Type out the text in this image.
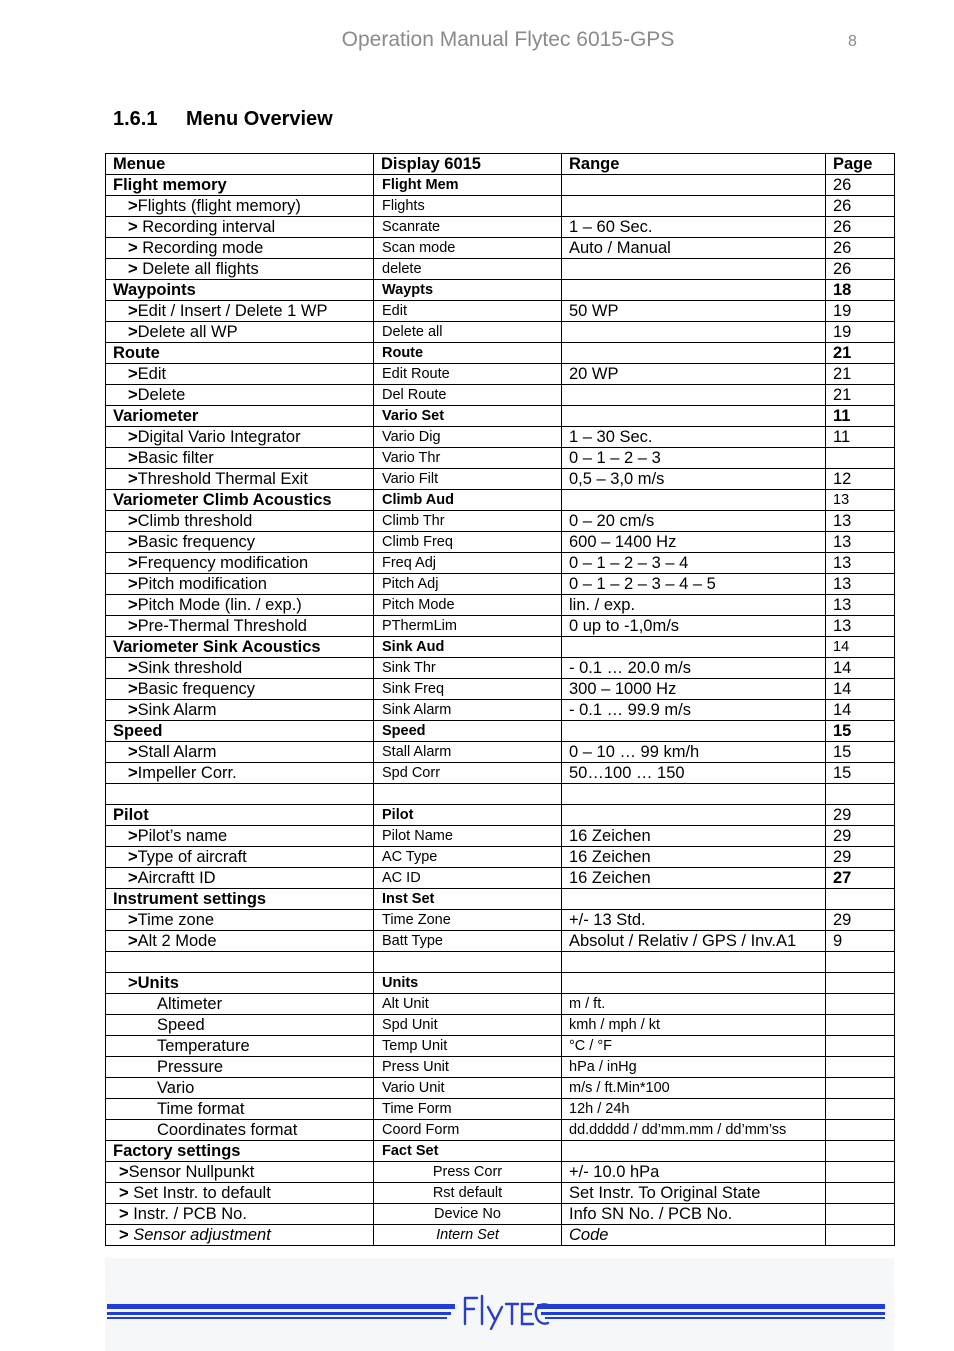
Operation Manual Flytec 6015-GPS	8
1.6.1 Menu Overview
Menue	Display 6015	Range	Page
Flight memory	Flight Mem		26
>Flights (flight memory)	Flights		26
> Recording interval	Scanrate	1 – 60 Sec.	26
> Recording mode	Scan mode	Auto / Manual	26
> Delete all flights	delete		26
Waypoints	Waypts		18
>Edit / Insert / Delete 1 WP	Edit	50 WP	19
>Delete all WP	Delete all		19
Route	Route		21
>Edit	Edit Route	20 WP	21
>Delete	Del Route		21
Variometer	Vario Set		11
>Digital Vario Integrator	Vario Dig	1 – 30 Sec.	11
>Basic filter	Vario Thr	0 – 1 – 2 – 3	
>Threshold Thermal Exit	Vario Filt	0,5 – 3,0 m/s	12
Variometer Climb Acoustics	Climb Aud		13
>Climb threshold	Climb Thr	0 – 20 cm/s	13
>Basic frequency	Climb Freq	600 – 1400 Hz	13
>Frequency modification	Freq Adj	0 – 1 – 2 – 3 – 4	13
>Pitch modification	Pitch Adj	0 – 1 – 2 – 3 – 4 – 5	13
>Pitch Mode (lin. / exp.)	Pitch Mode	lin. / exp.	13
>Pre-Thermal Threshold	PThermLim	0 up to -1,0m/s	13
Variometer Sink Acoustics	Sink Aud		14
>Sink threshold	Sink Thr	- 0.1 … 20.0 m/s	14
>Basic frequency	Sink Freq	300 – 1000 Hz	14
>Sink Alarm	Sink Alarm	- 0.1 … 99.9 m/s	14
Speed	Speed		15
>Stall Alarm	Stall Alarm	0 – 10 … 99 km/h	15
>Impeller Corr.	Spd Corr	50…100 … 150	15

Pilot	Pilot		29
>Pilot’s name	Pilot Name	16 Zeichen	29
>Type of aircraft	AC Type	16 Zeichen	29
>Aircraftt ID	AC ID	16 Zeichen	27
Instrument settings	Inst Set		
>Time zone	Time Zone	+/- 13 Std.	29
>Alt 2 Mode	Batt Type	Absolut / Relativ / GPS / Inv.A1	9

>Units	Units		
Altimeter	Alt Unit	m / ft.	
Speed	Spd Unit	kmh / mph / kt	
Temperature	Temp Unit	°C / °F	
Pressure	Press Unit	hPa / inHg	
Vario	Vario Unit	m/s / ft.Min*100	
Time format	Time Form	12h / 24h	
Coordinates format	Coord Form	dd.ddddd / dd’mm.mm / dd’mm’ss	
Factory settings	Fact Set		
>Sensor Nullpunkt	Press Corr	+/- 10.0 hPa	
> Set Instr. to default	Rst default	Set Instr. To Original State	
> Instr. / PCB No.	Device No	Info SN No. / PCB No.	
> Sensor adjustment	Intern Set	Code	
